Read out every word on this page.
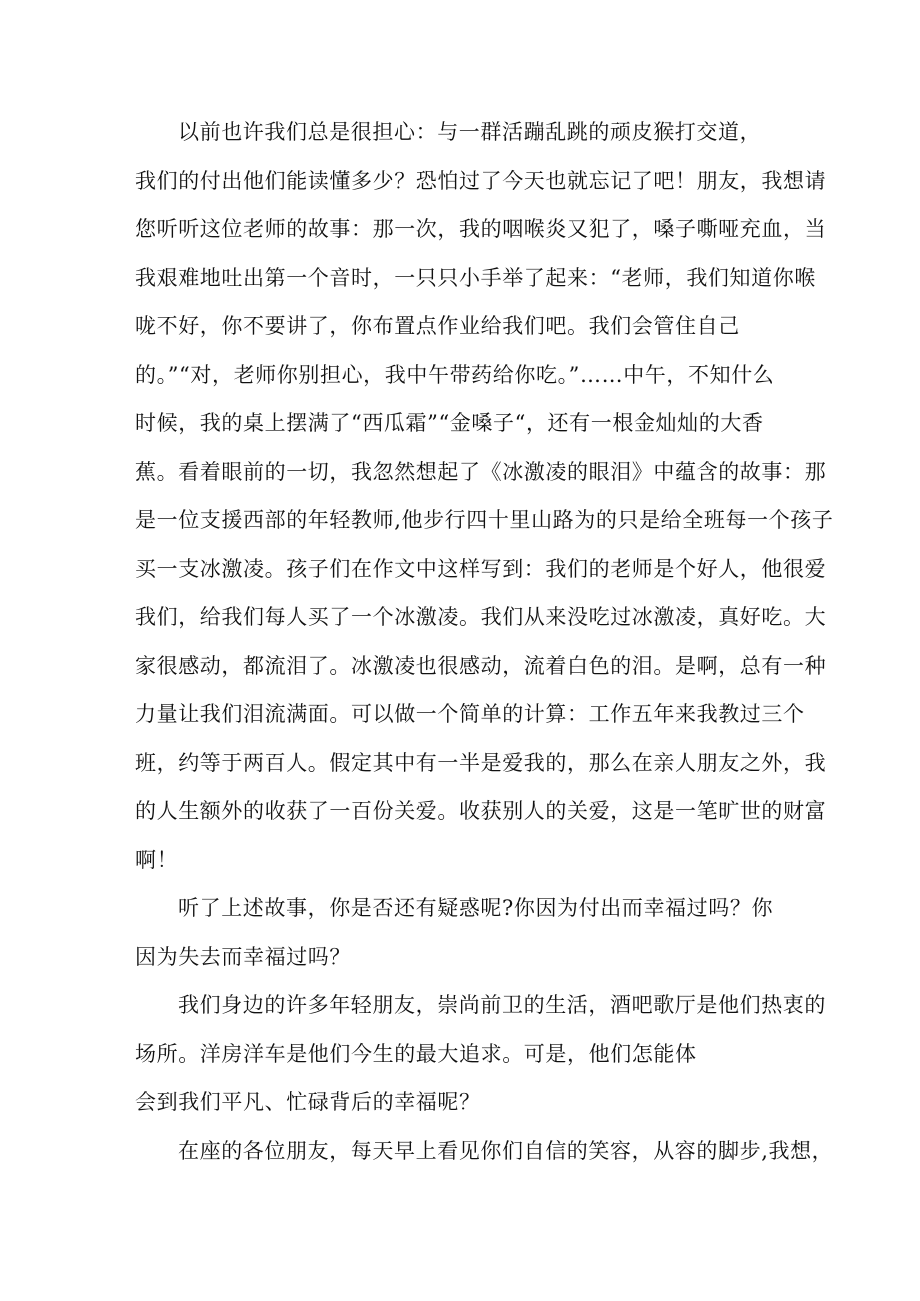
以前也许我们总是很担心：与一群活蹦乱跳的顽皮猴打交道，
我们的付出他们能读懂多少？恐怕过了今天也就忘记了吧！朋友，我想请
您听听这位老师的故事：那一次，我的咽喉炎又犯了，嗓子嘶哑充血，当
我艰难地吐出第一个音时，一只只小手举了起来：“老师，我们知道你喉
咙不好，你不要讲了，你布置点作业给我们吧。我们会管住自己
的。”“对，老师你别担心，我中午带药给你吃。”……中午，不知什么
时候，我的桌上摆满了“西瓜霜”“金嗓子“，还有一根金灿灿的大香
蕉。看着眼前的一切，我忽然想起了《冰激凌的眼泪》中蕴含的故事：那
是一位支援西部的年轻教师,他步行四十里山路为的只是给全班每一个孩子
买一支冰激凌。孩子们在作文中这样写到：我们的老师是个好人，他很爱
我们，给我们每人买了一个冰激凌。我们从来没吃过冰激凌，真好吃。大
家很感动，都流泪了。冰激凌也很感动，流着白色的泪。是啊，总有一种
力量让我们泪流满面。可以做一个简单的计算：工作五年来我教过三个
班，约等于两百人。假定其中有一半是爱我的，那么在亲人朋友之外，我
的人生额外的收获了一百份关爱。收获别人的关爱，这是一笔旷世的财富
啊！
听了上述故事，你是否还有疑惑呢?你因为付出而幸福过吗？你
因为失去而幸福过吗？
我们身边的许多年轻朋友，崇尚前卫的生活，酒吧歌厅是他们热衷的
场所。洋房洋车是他们今生的最大追求。可是，他们怎能体
会到我们平凡、忙碌背后的幸福呢？
在座的各位朋友，每天早上看见你们自信的笑容，从容的脚步,我想，
